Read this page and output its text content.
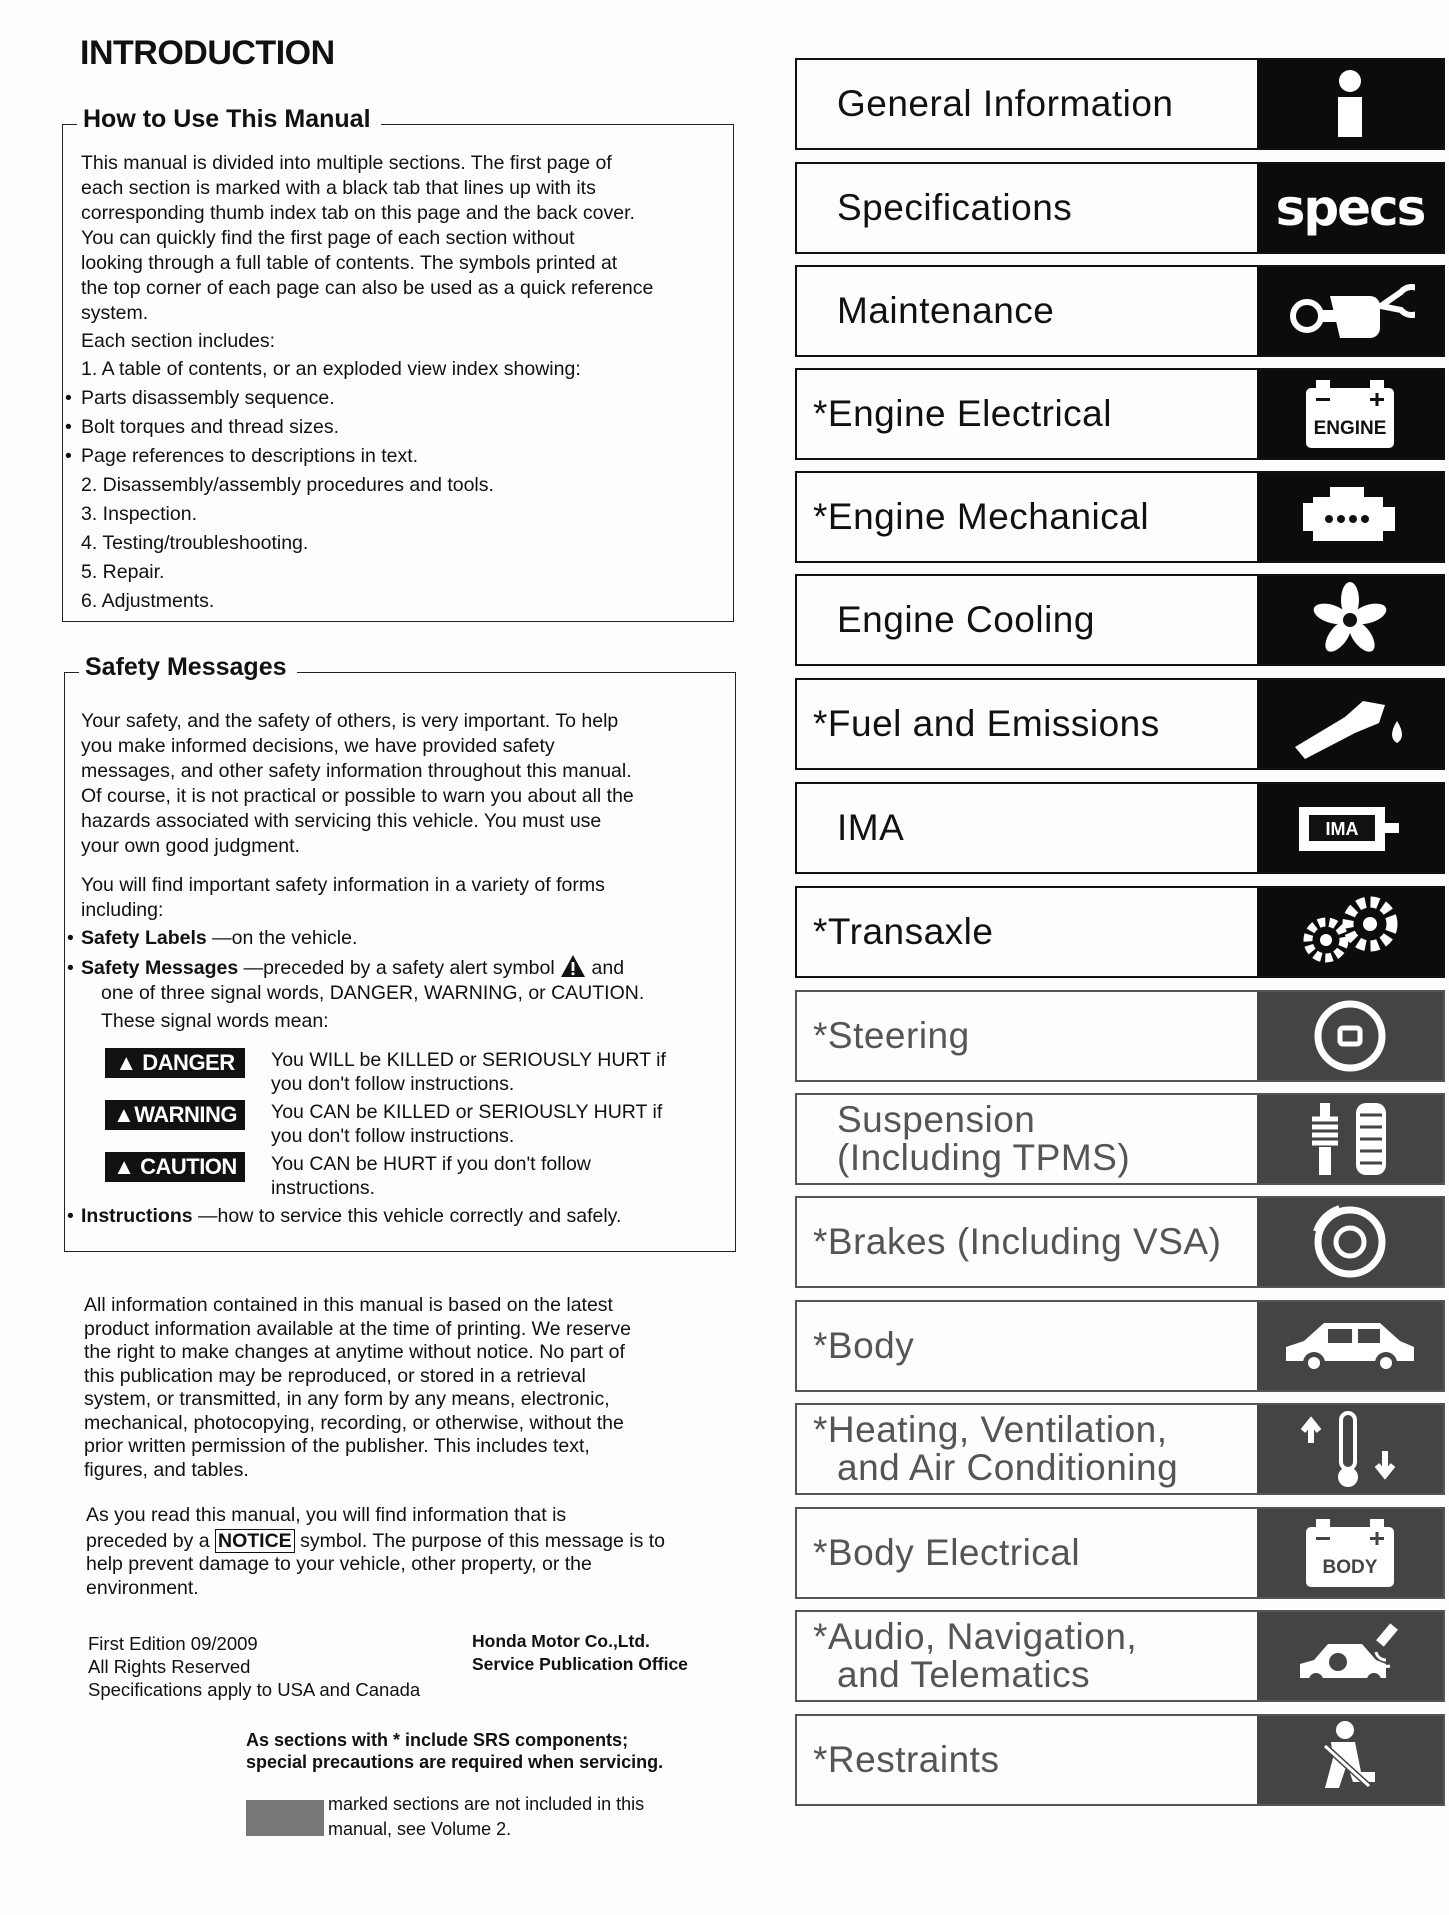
INTRODUCTION
How to Use This Manual

This manual is divided into multiple sections. The first page of

each section is marked with a black tab that lines up with its

corresponding thumb index tab on this page and the back cover.

You can quickly find the first page of each section without

looking through a full table of contents. The symbols printed at

the top corner of each page can also be used as a quick reference

system.

Each section includes:

1. A table of contents, or an exploded view index showing:

• Parts disassembly sequence.

• Bolt torques and thread sizes.

• Page references to descriptions in text.

2. Disassembly/assembly procedures and tools.

3. Inspection.

4. Testing/troubleshooting.

5. Repair.

6. Adjustments.

Safety Messages

Your safety, and the safety of others, is very important. To help

you make informed decisions, we have provided safety

messages, and other safety information throughout this manual.

Of course, it is not practical or possible to warn you about all the

hazards associated with servicing this vehicle. You must use

your own good judgment.

You will find important safety information in a variety of forms

including:

• Safety Labels —on the vehicle.

• Safety Messages —preceded by a safety alert symbol and

one of three signal words, DANGER, WARNING, or CAUTION.

These signal words mean:

▲ DANGER	You WILL be KILLED or SERIOUSLY HURT if
you don't follow instructions.
▲WARNING	You CAN be KILLED or SERIOUSLY HURT if
you don't follow instructions.
▲ CAUTION	You CAN be HURT if you don't follow
instructions.

• Instructions —how to service this vehicle correctly and safely.

All information contained in this manual is based on the latest
product information available at the time of printing. We reserve
the right to make changes at anytime without notice. No part of
this publication may be reproduced, or stored in a retrieval
system, or transmitted, in any form by any means, electronic,
mechanical, photocopying, recording, or otherwise, without the
prior written permission of the publisher. This includes text,
figures, and tables.
As you read this manual, you will find information that is
preceded by a NOTICE symbol. The purpose of this message is to
help prevent damage to your vehicle, other property, or the
environment.
First Edition 09/2009
All Rights Reserved
Specifications apply to USA and Canada
Honda Motor Co.,Ltd.
Service Publication Office
As sections with * include SRS components;
special precautions are required when servicing.
marked sections are not included in this
manual, see Volume 2.
General Information
Specifications	specs
Maintenance
*Engine Electrical	ENGINE
*Engine Mechanical
Engine Cooling
*Fuel and Emissions
IMA	IMA
*Transaxle
*Steering
Suspension
(Including TPMS)
*Brakes (Including VSA)
*Body
*Heating, Ventilation,
and Air Conditioning
*Body Electrical	BODY
*Audio, Navigation,
and Telematics
*Restraints
